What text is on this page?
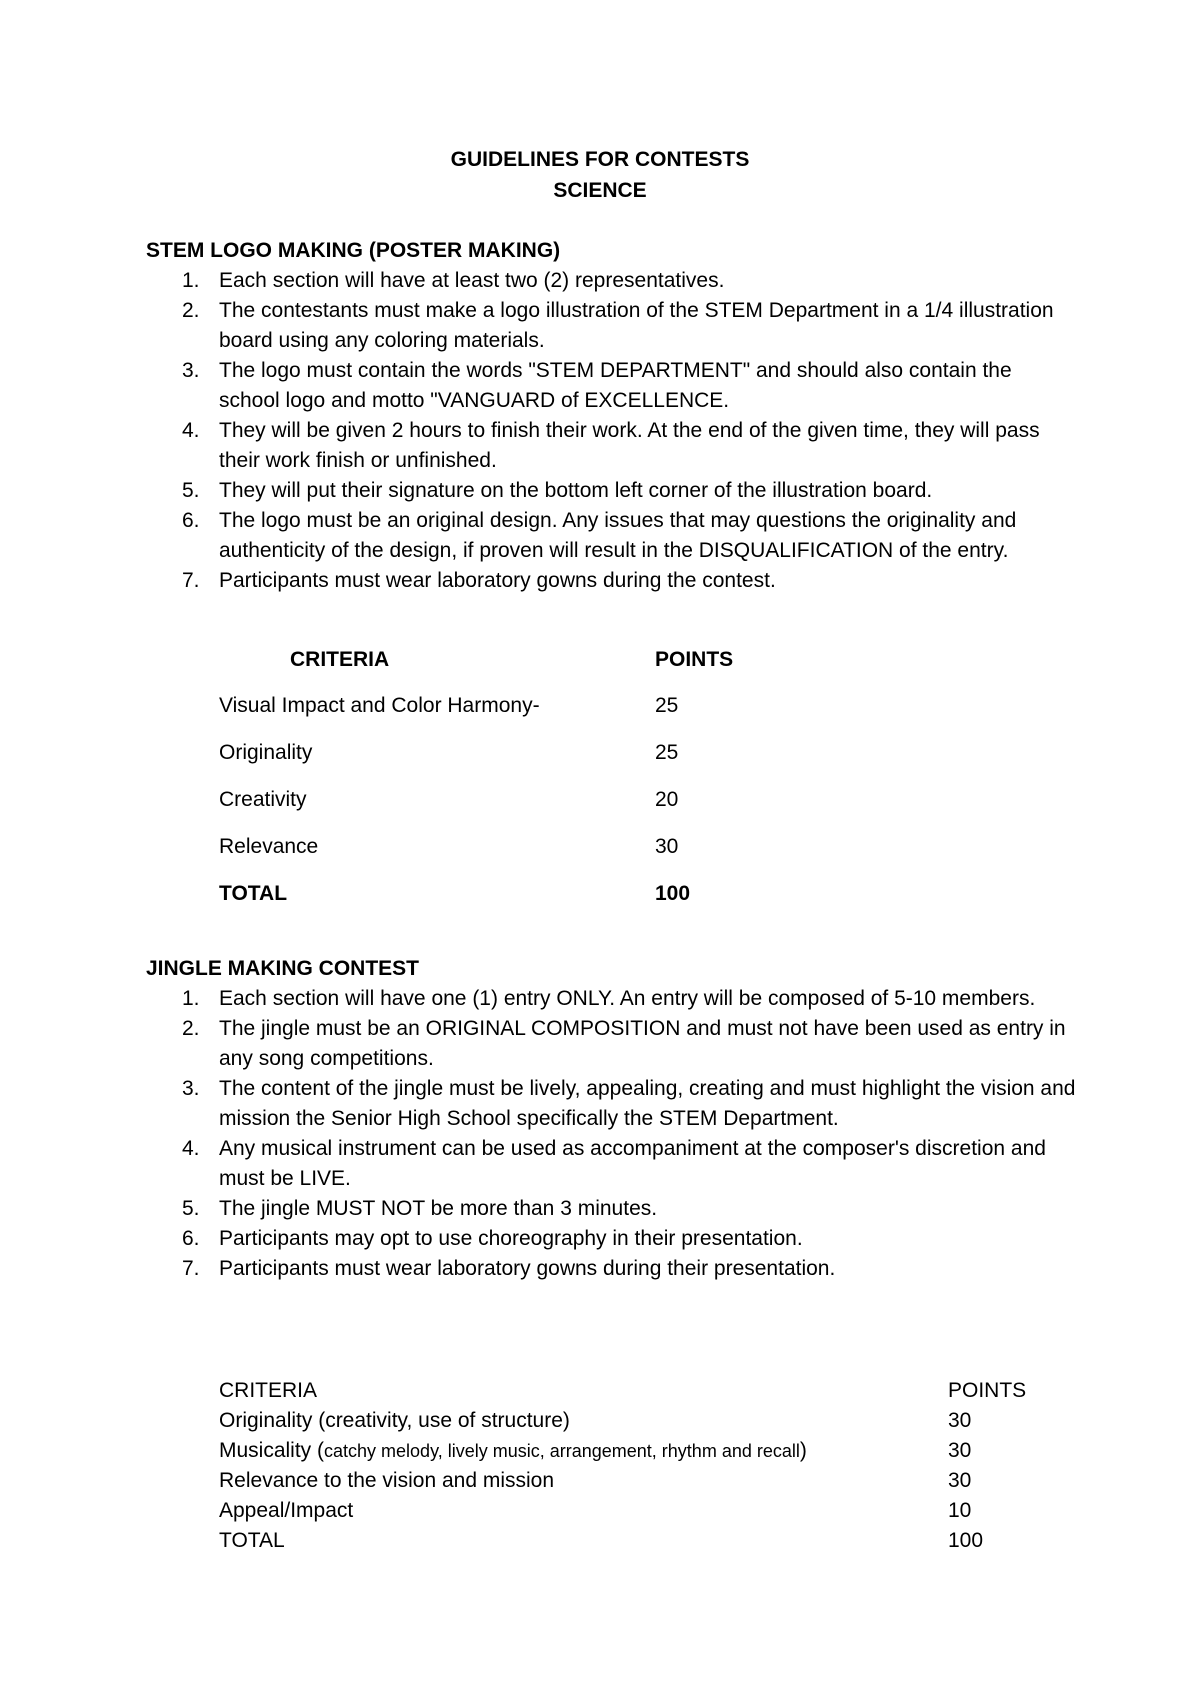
GUIDELINES FOR CONTESTS
SCIENCE
STEM LOGO MAKING (POSTER MAKING)
1. Each section will have at least two (2) representatives.
2. The contestants must make a logo illustration of the STEM Department in a 1/4 illustration board using any coloring materials.
3. The logo must contain the words "STEM DEPARTMENT" and should also contain the school logo and motto "VANGUARD of EXCELLENCE.
4. They will be given 2 hours to finish their work. At the end of the given time, they will pass their work finish or unfinished.
5. They will put their signature on the bottom left corner of the illustration board.
6. The logo must be an original design. Any issues that may questions the originality and authenticity of the design, if proven will result in the DISQUALIFICATION of the entry.
7. Participants must wear laboratory gowns during the contest.
CRITERIA	POINTS
Visual Impact and Color Harmony-	25
Originality	25
Creativity	20
Relevance	30
TOTAL	100
JINGLE MAKING CONTEST
1. Each section will have one (1) entry ONLY. An entry will be composed of 5-10 members.
2. The jingle must be an ORIGINAL COMPOSITION and must not have been used as entry in any song competitions.
3. The content of the jingle must be lively, appealing, creating and must highlight the vision and mission the Senior High School specifically the STEM Department.
4. Any musical instrument can be used as accompaniment at the composer's discretion and must be LIVE.
5. The jingle MUST NOT be more than 3 minutes.
6. Participants may opt to use choreography in their presentation.
7. Participants must wear laboratory gowns during their presentation.
CRITERIA	POINTS
Originality (creativity, use of structure)	30
Musicality (catchy melody, lively music, arrangement, rhythm and recall)	30
Relevance to the vision and mission	30
Appeal/Impact	10
TOTAL	100
